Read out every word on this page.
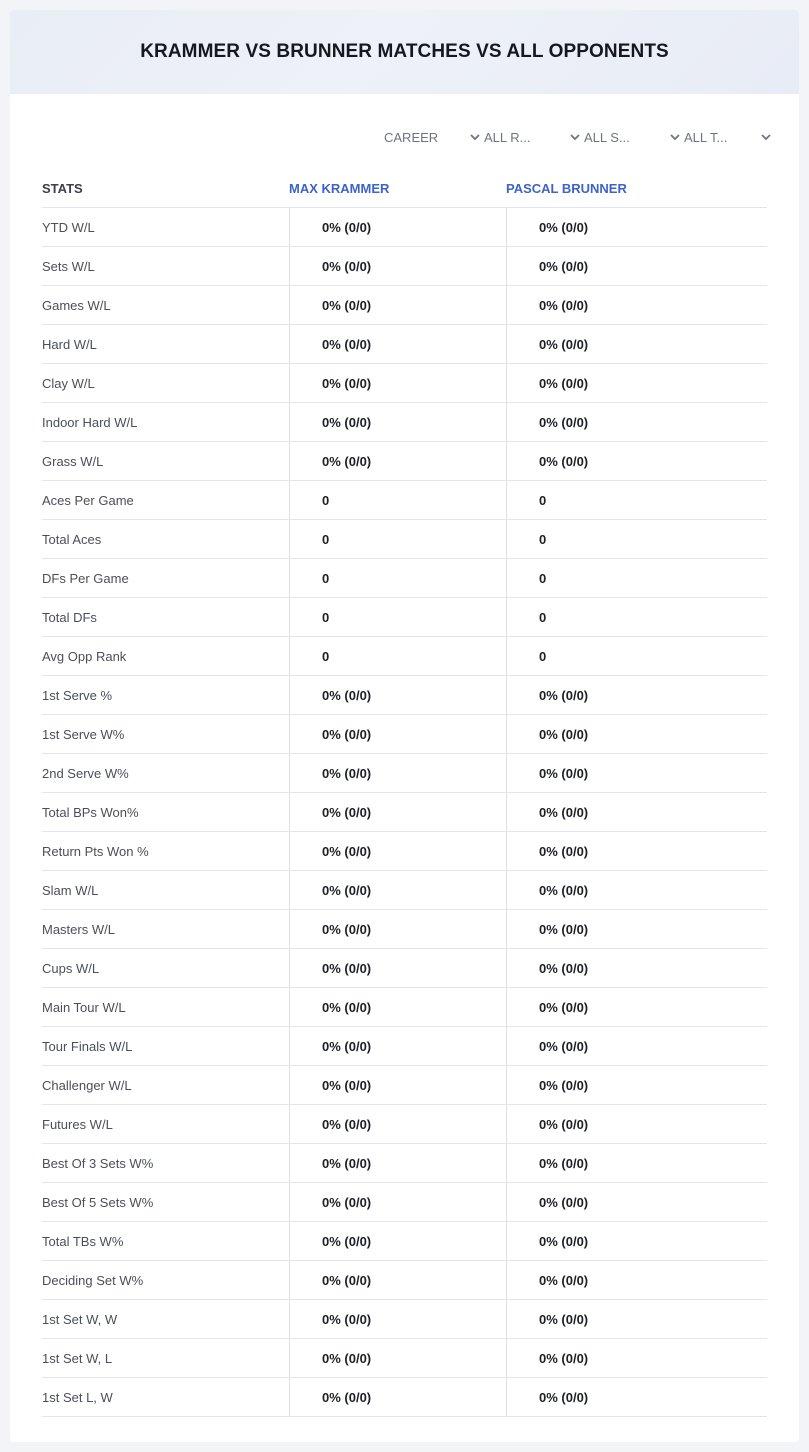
KRAMMER VS BRUNNER MATCHES VS ALL OPPONENTS
CAREER	ALL R...	ALL S...	ALL T...
STATS	MAX KRAMMER	PASCAL BRUNNER
YTD W/L	0% (0/0)	0% (0/0)
Sets W/L	0% (0/0)	0% (0/0)
Games W/L	0% (0/0)	0% (0/0)
Hard W/L	0% (0/0)	0% (0/0)
Clay W/L	0% (0/0)	0% (0/0)
Indoor Hard W/L	0% (0/0)	0% (0/0)
Grass W/L	0% (0/0)	0% (0/0)
Aces Per Game	0	0
Total Aces	0	0
DFs Per Game	0	0
Total DFs	0	0
Avg Opp Rank	0	0
1st Serve %	0% (0/0)	0% (0/0)
1st Serve W%	0% (0/0)	0% (0/0)
2nd Serve W%	0% (0/0)	0% (0/0)
Total BPs Won%	0% (0/0)	0% (0/0)
Return Pts Won %	0% (0/0)	0% (0/0)
Slam W/L	0% (0/0)	0% (0/0)
Masters W/L	0% (0/0)	0% (0/0)
Cups W/L	0% (0/0)	0% (0/0)
Main Tour W/L	0% (0/0)	0% (0/0)
Tour Finals W/L	0% (0/0)	0% (0/0)
Challenger W/L	0% (0/0)	0% (0/0)
Futures W/L	0% (0/0)	0% (0/0)
Best Of 3 Sets W%	0% (0/0)	0% (0/0)
Best Of 5 Sets W%	0% (0/0)	0% (0/0)
Total TBs W%	0% (0/0)	0% (0/0)
Deciding Set W%	0% (0/0)	0% (0/0)
1st Set W, W	0% (0/0)	0% (0/0)
1st Set W, L	0% (0/0)	0% (0/0)
1st Set L, W	0% (0/0)	0% (0/0)
